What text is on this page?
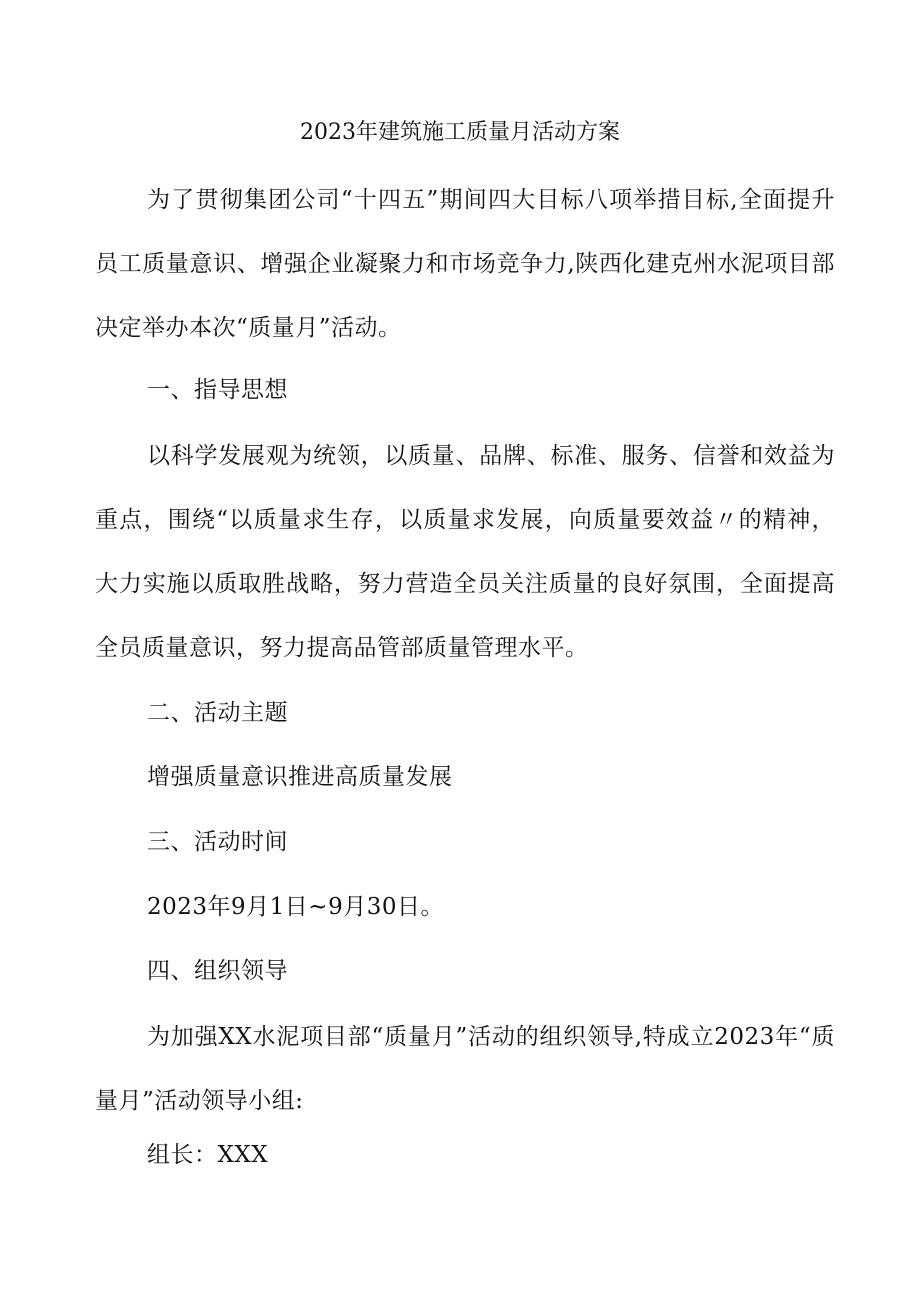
2023年建筑施工质量月活动方案

为了贯彻集团公司“十四五”期间四大目标八项举措目标,全面提升员工质量意识、增强企业凝聚力和市场竞争力,陕西化建克州水泥项目部决定举办本次“质量月”活动。

一、指导思想

以科学发展观为统领，以质量、品牌、标准、服务、信誉和效益为重点，围绕“以质量求生存，以质量求发展，向质量要效益〃的精神，大力实施以质取胜战略，努力营造全员关注质量的良好氛围，全面提高全员质量意识，努力提高品管部质量管理水平。

二、活动主题

增强质量意识推进高质量发展

三、活动时间

2023年9月1日~9月30日。

四、组织领导

为加强XX水泥项目部“质量月”活动的组织领导,特成立2023年“质量月”活动领导小组:

组长：XXX
